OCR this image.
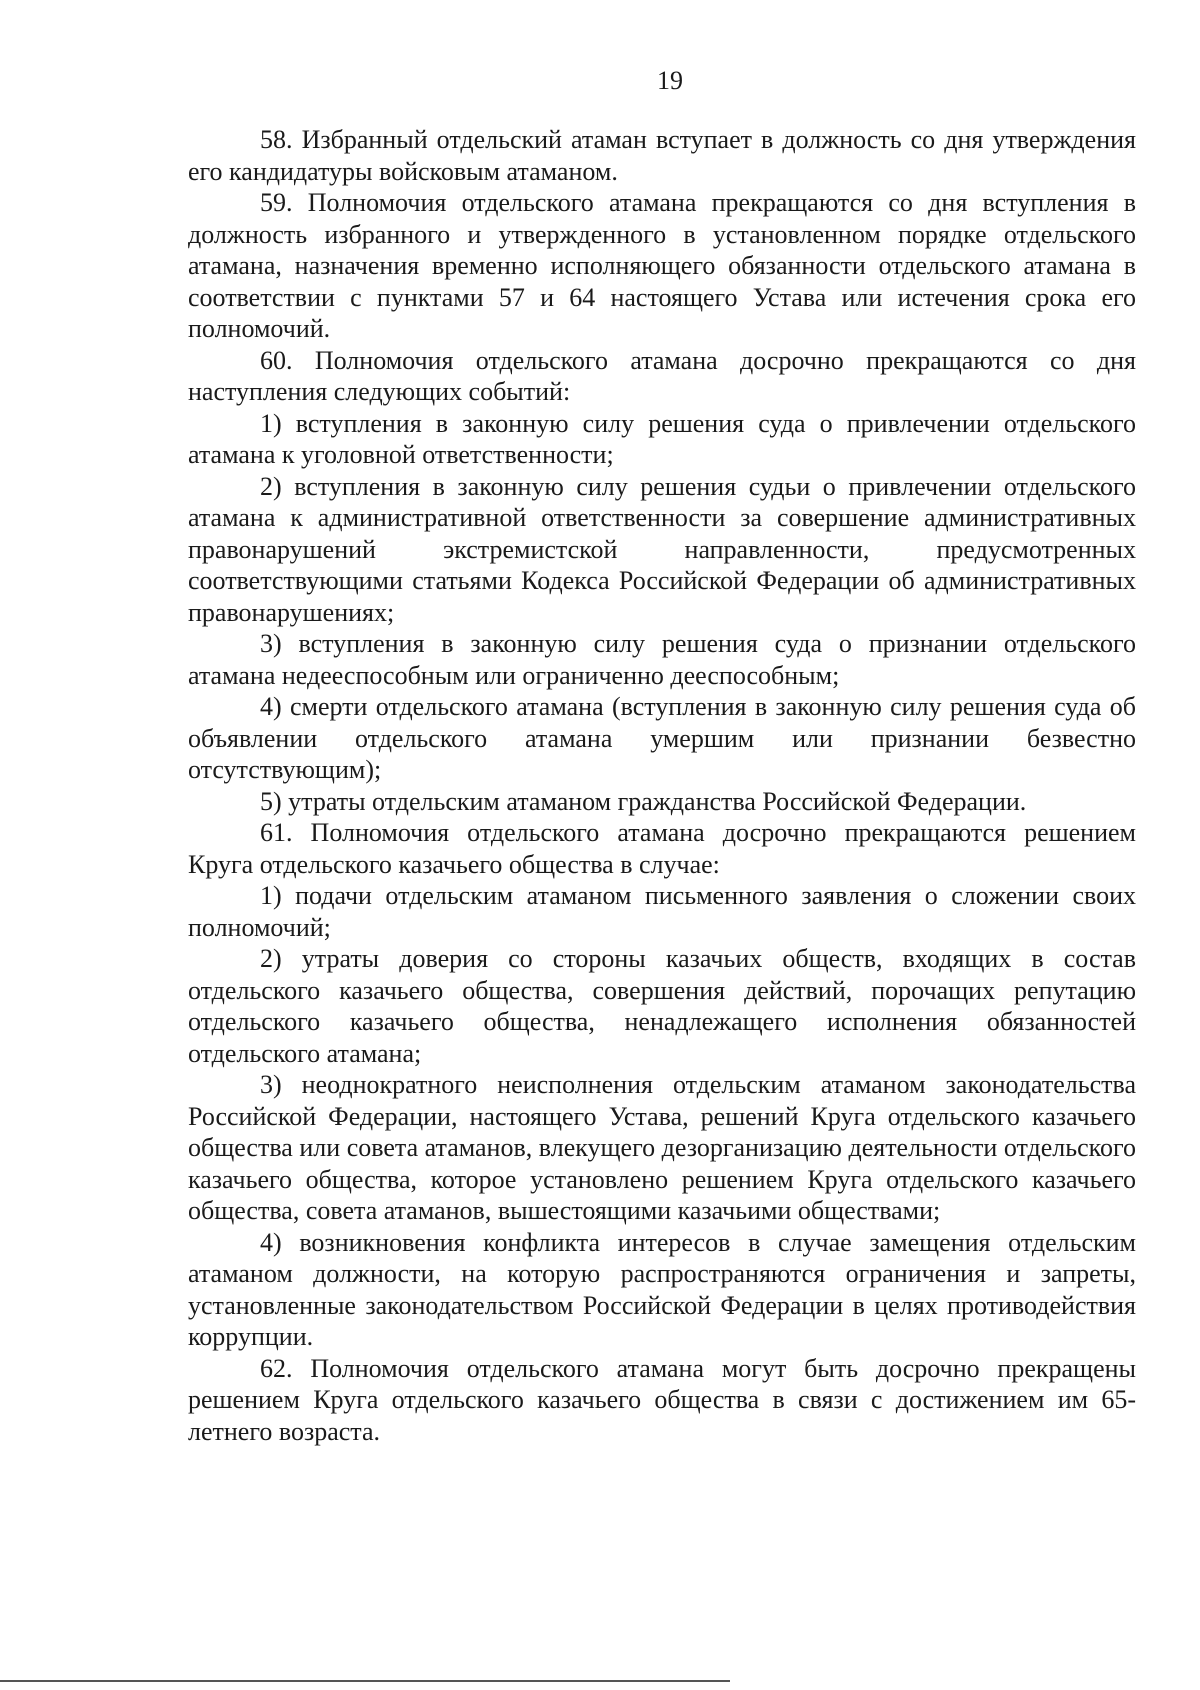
19

58. Избранный отдельский атаман вступает в должность со дня утверждения его кандидатуры войсковым атаманом.

59. Полномочия отдельского атамана прекращаются со дня вступления в должность избранного и утвержденного в установленном порядке отдельского атамана, назначения временно исполняющего обязанности отдельского атамана в соответствии с пунктами 57 и 64 настоящего Устава или истечения срока его полномочий.

60. Полномочия отдельского атамана досрочно прекращаются со дня наступления следующих событий:

1) вступления в законную силу решения суда о привлечении отдельского атамана к уголовной ответственности;

2) вступления в законную силу решения судьи о привлечении отдельского атамана к административной ответственности за совершение административных правонарушений экстремистской направленности, предусмотренных соответствующими статьями Кодекса Российской Федерации об административных правонарушениях;

3) вступления в законную силу решения суда о признании отдельского атамана недееспособным или ограниченно дееспособным;

4) смерти отдельского атамана (вступления в законную силу решения суда об объявлении отдельского атамана умершим или признании безвестно отсутствующим);

5) утраты отдельским атаманом гражданства Российской Федерации.

61. Полномочия отдельского атамана досрочно прекращаются решением Круга отдельского казачьего общества в случае:

1) подачи отдельским атаманом письменного заявления о сложении своих полномочий;

2) утраты доверия со стороны казачьих обществ, входящих в состав отдельского казачьего общества, совершения действий, порочащих репутацию отдельского казачьего общества, ненадлежащего исполнения обязанностей отдельского атамана;

3) неоднократного неисполнения отдельским атаманом законодательства Российской Федерации, настоящего Устава, решений Круга отдельского казачьего общества или совета атаманов, влекущего дезорганизацию деятельности отдельского казачьего общества, которое установлено решением Круга отдельского казачьего общества, совета атаманов, вышестоящими казачьими обществами;

4) возникновения конфликта интересов в случае замещения отдельским атаманом должности, на которую распространяются ограничения и запреты, установленные законодательством Российской Федерации в целях противодействия коррупции.

62. Полномочия отдельского атамана могут быть досрочно прекращены решением Круга отдельского казачьего общества в связи с достижением им 65-летнего возраста.
